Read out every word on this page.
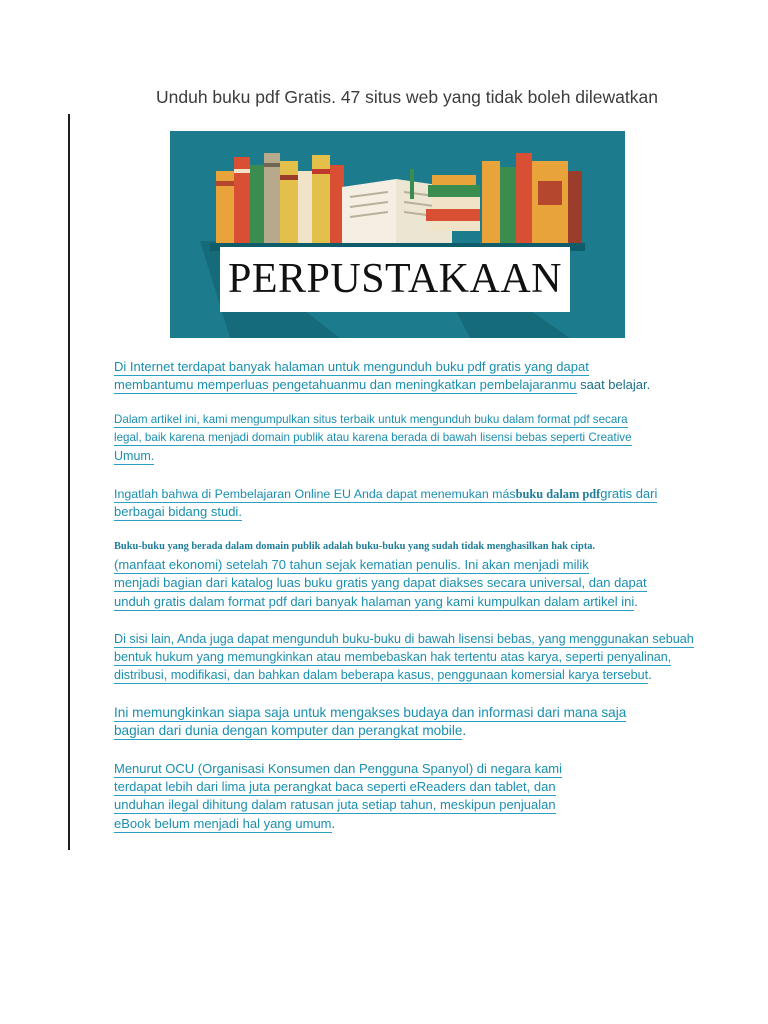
Unduh buku pdf Gratis. 47 situs web yang tidak boleh dilewatkan
PERPUSTAKAAN
Di Internet terdapat banyak halaman untuk mengunduh buku pdf gratis yang dapat
membantumu memperluas pengetahuanmu dan meningkatkan pembelajaranmu saat belajar.
Dalam artikel ini, kami mengumpulkan situs terbaik untuk mengunduh buku dalam format pdf secara
legal, baik karena menjadi domain publik atau karena berada di bawah lisensi bebas seperti Creative
Umum.
Ingatlah bahwa di Pembelajaran Online EU Anda dapat menemukan másbuku dalam pdfgratis dari
berbagai bidang studi.
Buku-buku yang berada dalam domain publik adalah buku-buku yang sudah tidak menghasilkan hak cipta.
(manfaat ekonomi) setelah 70 tahun sejak kematian penulis. Ini akan menjadi milik
menjadi bagian dari katalog luas buku gratis yang dapat diakses secara universal, dan dapat
unduh gratis dalam format pdf dari banyak halaman yang kami kumpulkan dalam artikel ini.
Di sisi lain, Anda juga dapat mengunduh buku-buku di bawah lisensi bebas, yang menggunakan sebuah
bentuk hukum yang memungkinkan atau membebaskan hak tertentu atas karya, seperti penyalinan,
distribusi, modifikasi, dan bahkan dalam beberapa kasus, penggunaan komersial karya tersebut.
Ini memungkinkan siapa saja untuk mengakses budaya dan informasi dari mana saja
bagian dari dunia dengan komputer dan perangkat mobile.
Menurut OCU (Organisasi Konsumen dan Pengguna Spanyol) di negara kami
terdapat lebih dari lima juta perangkat baca seperti eReaders dan tablet, dan
unduhan ilegal dihitung dalam ratusan juta setiap tahun, meskipun penjualan
eBook belum menjadi hal yang umum.
